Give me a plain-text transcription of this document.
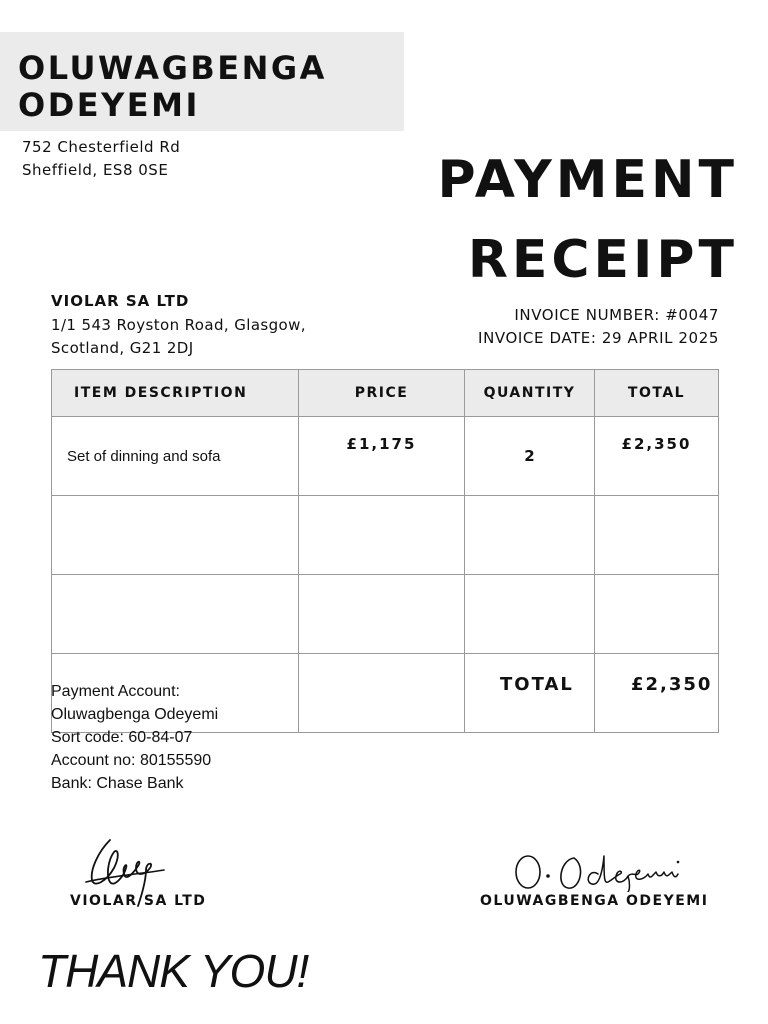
OLUWAGBENGA
ODEYEMI
752 Chesterfield Rd
Sheffield, ES8 0SE	PAYMENT
RECEIPT
VIOLAR SA LTD
1/1 543 Royston Road, Glasgow,
Scotland, G21 2DJ
INVOICE NUMBER: #0047
INVOICE DATE: 29 APRIL 2025
ITEM DESCRIPTION	PRICE	QUANTITY	TOTAL
Set of dinning and sofa	£1,175	2	£2,350

TOTAL	£2,350
Payment Account:
Oluwagbenga Odeyemi
Sort code: 60-84-07
Account no: 80155590
Bank: Chase Bank
VIOLAR SA LTD	OLUWAGBENGA ODEYEMI
THANK YOU!
